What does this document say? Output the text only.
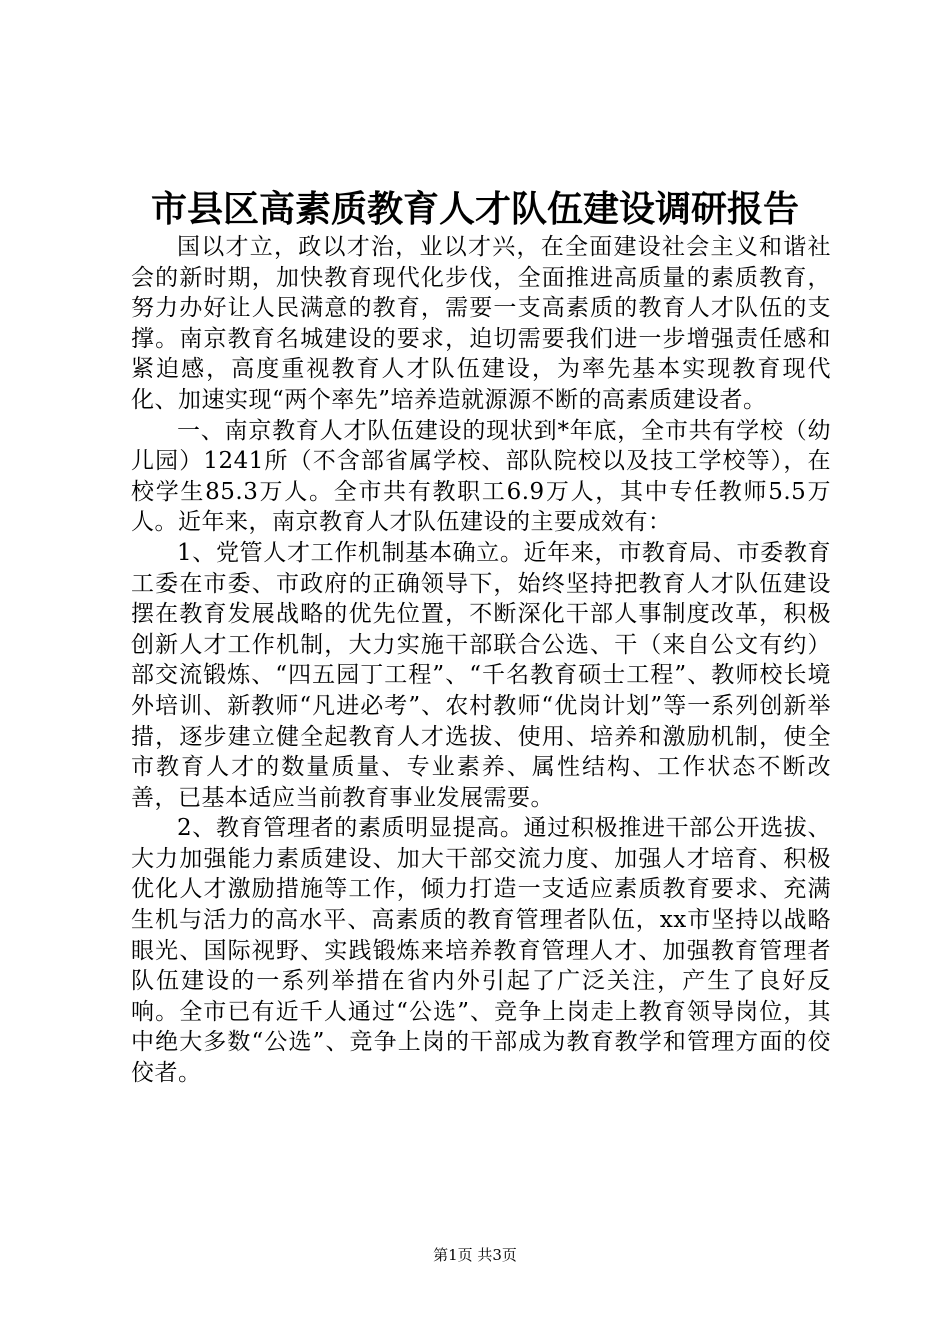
市县区高素质教育人才队伍建设调研报告

国以才立，政以才治，业以才兴，在全面建设社会主义和谐社会的新时期，加快教育现代化步伐，全面推进高质量的素质教育，努力办好让人民满意的教育，需要一支高素质的教育人才队伍的支撑。南京教育名城建设的要求，迫切需要我们进一步增强责任感和紧迫感，高度重视教育人才队伍建设，为率先基本实现教育现代化、加速实现“两个率先”培养造就源源不断的高素质建设者。

一、南京教育人才队伍建设的现状到*年底，全市共有学校（幼儿园）1241所（不含部省属学校、部队院校以及技工学校等），在校学生85.3万人。全市共有教职工6.9万人，其中专任教师5.5万人。近年来，南京教育人才队伍建设的主要成效有：

1、党管人才工作机制基本确立。近年来，市教育局、市委教育工委在市委、市政府的正确领导下，始终坚持把教育人才队伍建设摆在教育发展战略的优先位置，不断深化干部人事制度改革，积极创新人才工作机制，大力实施干部联合公选、干（来自公文有约）部交流锻炼、“四五园丁工程”、“千名教育硕士工程”、教师校长境外培训、新教师“凡进必考”、农村教师“优岗计划”等一系列创新举措，逐步建立健全起教育人才选拔、使用、培养和激励机制，使全市教育人才的数量质量、专业素养、属性结构、工作状态不断改善，已基本适应当前教育事业发展需要。

2、教育管理者的素质明显提高。通过积极推进干部公开选拔、大力加强能力素质建设、加大干部交流力度、加强人才培育、积极优化人才激励措施等工作，倾力打造一支适应素质教育要求、充满生机与活力的高水平、高素质的教育管理者队伍，xx市坚持以战略眼光、国际视野、实践锻炼来培养教育管理人才、加强教育管理者队伍建设的一系列举措在省内外引起了广泛关注，产生了良好反响。全市已有近千人通过“公选”、竞争上岗走上教育领导岗位，其中绝大多数“公选”、竞争上岗的干部成为教育教学和管理方面的佼佼者。

第1页 共3页
